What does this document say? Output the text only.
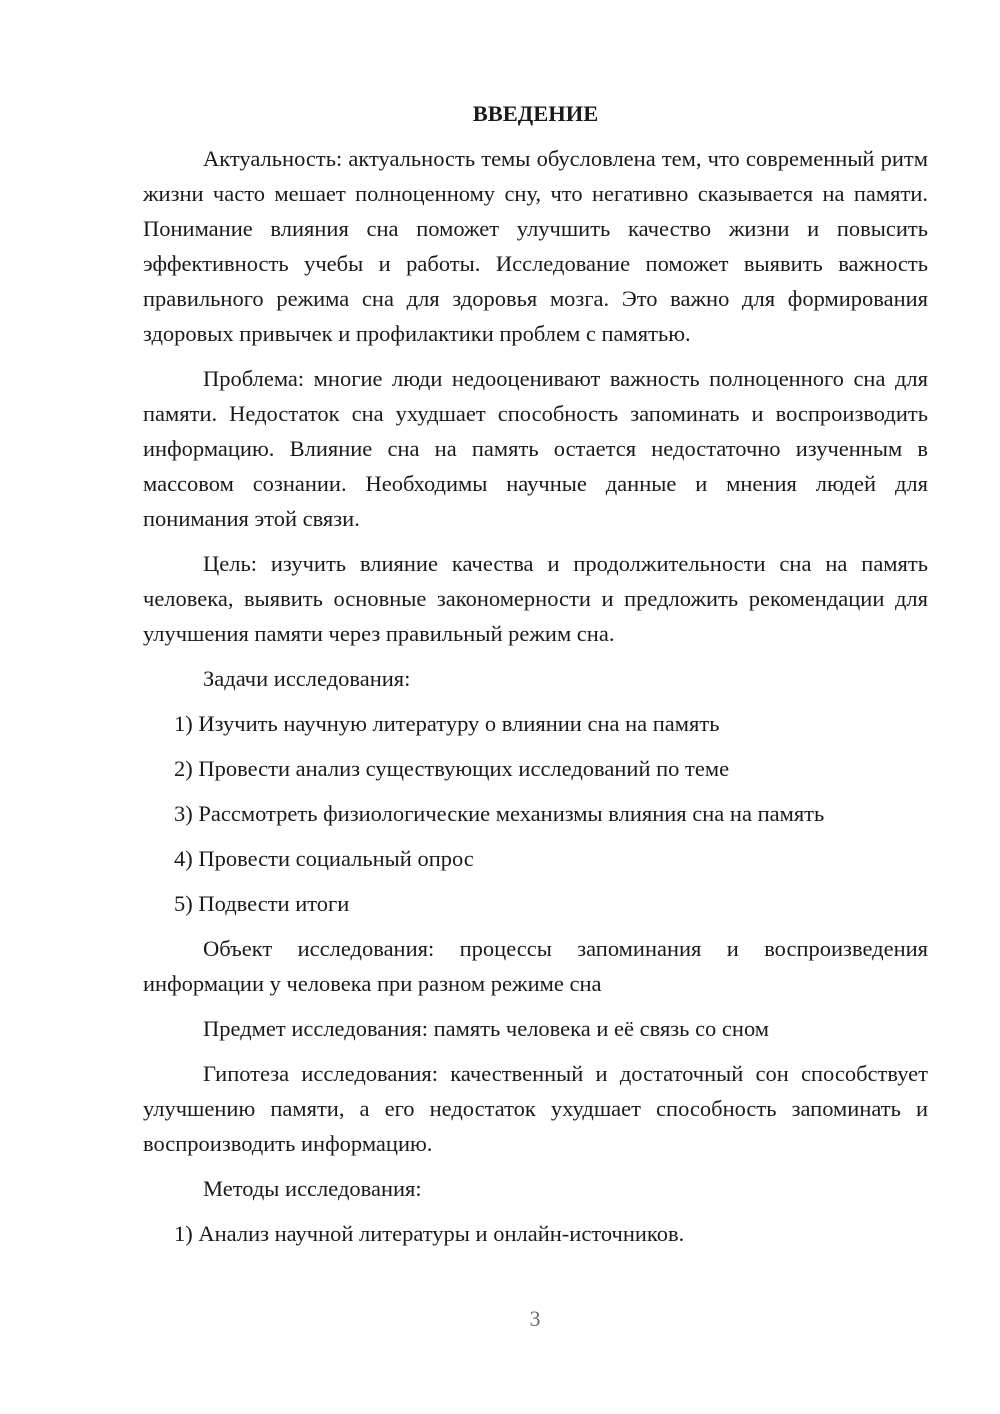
ВВЕДЕНИЕ

Актуальность: актуальность темы обусловлена тем, что современный ритм жизни часто мешает полноценному сну, что негативно сказывается на памяти. Понимание влияния сна поможет улучшить качество жизни и повысить эффективность учебы и работы. Исследование поможет выявить важность правильного режима сна для здоровья мозга. Это важно для формирования здоровых привычек и профилактики проблем с памятью.

Проблема: многие люди недооценивают важность полноценного сна для памяти. Недостаток сна ухудшает способность запоминать и воспроизводить информацию. Влияние сна на память остается недостаточно изученным в массовом сознании. Необходимы научные данные и мнения людей для понимания этой связи.

Цель: изучить влияние качества и продолжительности сна на память человека, выявить основные закономерности и предложить рекомендации для улучшения памяти через правильный режим сна.

Задачи исследования:

1) Изучить научную литературу о влиянии сна на память
2) Провести анализ существующих исследований по теме
3) Рассмотреть физиологические механизмы влияния сна на память
4) Провести социальный опрос
5) Подвести итоги

Объект исследования: процессы запоминания и воспроизведения информации у человека при разном режиме сна

Предмет исследования: память человека и её связь со сном

Гипотеза исследования: качественный и достаточный сон способствует улучшению памяти, а его недостаток ухудшает способность запоминать и воспроизводить информацию.

Методы исследования:

1) Анализ научной литературы и онлайн-источников.
3
